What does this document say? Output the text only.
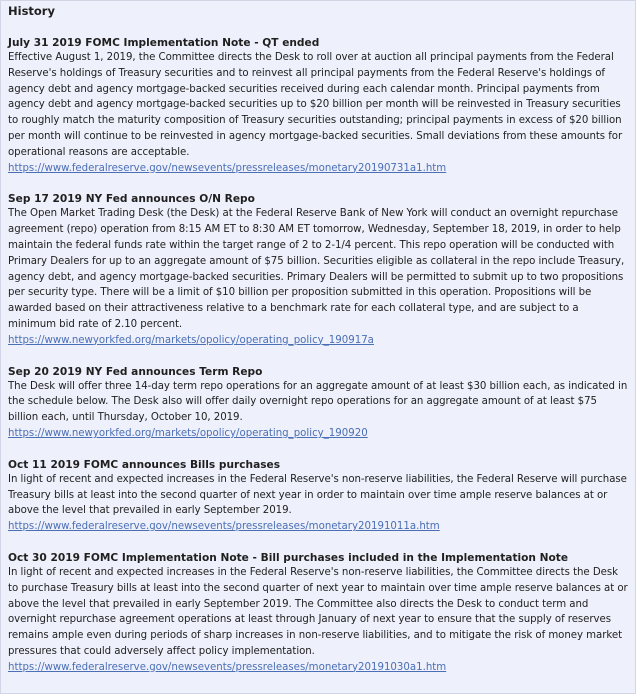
History
July 31 2019 FOMC Implementation Note - QT ended

Effective August 1, 2019, the Committee directs the Desk to roll over at auction all principal payments from the Federal Reserve's holdings of Treasury securities and to reinvest all principal payments from the Federal Reserve's holdings of agency debt and agency mortgage-backed securities received during each calendar month. Principal payments from agency debt and agency mortgage-backed securities up to $20 billion per month will be reinvested in Treasury securities to roughly match the maturity composition of Treasury securities outstanding; principal payments in excess of $20 billion per month will continue to be reinvested in agency mortgage-backed securities. Small deviations from these amounts for operational reasons are acceptable.

https://www.federalreserve.gov/newsevents/pressreleases/monetary20190731a1.htm
Sep 17 2019 NY Fed announces O/N Repo

The Open Market Trading Desk (the Desk) at the Federal Reserve Bank of New York will conduct an overnight repurchase agreement (repo) operation from 8:15 AM ET to 8:30 AM ET tomorrow, Wednesday, September 18, 2019, in order to help maintain the federal funds rate within the target range of 2 to 2-1/4 percent. This repo operation will be conducted with Primary Dealers for up to an aggregate amount of $75 billion. Securities eligible as collateral in the repo include Treasury, agency debt, and agency mortgage-backed securities. Primary Dealers will be permitted to submit up to two propositions per security type. There will be a limit of $10 billion per proposition submitted in this operation. Propositions will be awarded based on their attractiveness relative to a benchmark rate for each collateral type, and are subject to a minimum bid rate of 2.10 percent.

https://www.newyorkfed.org/markets/opolicy/operating_policy_190917a
Sep 20 2019 NY Fed announces Term Repo

The Desk will offer three 14-day term repo operations for an aggregate amount of at least $30 billion each, as indicated in the schedule below. The Desk also will offer daily overnight repo operations for an aggregate amount of at least $75 billion each, until Thursday, October 10, 2019.

https://www.newyorkfed.org/markets/opolicy/operating_policy_190920
Oct 11 2019 FOMC announces Bills purchases

In light of recent and expected increases in the Federal Reserve's non-reserve liabilities, the Federal Reserve will purchase Treasury bills at least into the second quarter of next year in order to maintain over time ample reserve balances at or above the level that prevailed in early September 2019.

https://www.federalreserve.gov/newsevents/pressreleases/monetary20191011a.htm
Oct 30 2019 FOMC Implementation Note - Bill purchases included in the Implementation Note

In light of recent and expected increases in the Federal Reserve's non-reserve liabilities, the Committee directs the Desk to purchase Treasury bills at least into the second quarter of next year to maintain over time ample reserve balances at or above the level that prevailed in early September 2019. The Committee also directs the Desk to conduct term and overnight repurchase agreement operations at least through January of next year to ensure that the supply of reserves remains ample even during periods of sharp increases in non-reserve liabilities, and to mitigate the risk of money market pressures that could adversely affect policy implementation.

https://www.federalreserve.gov/newsevents/pressreleases/monetary20191030a1.htm
